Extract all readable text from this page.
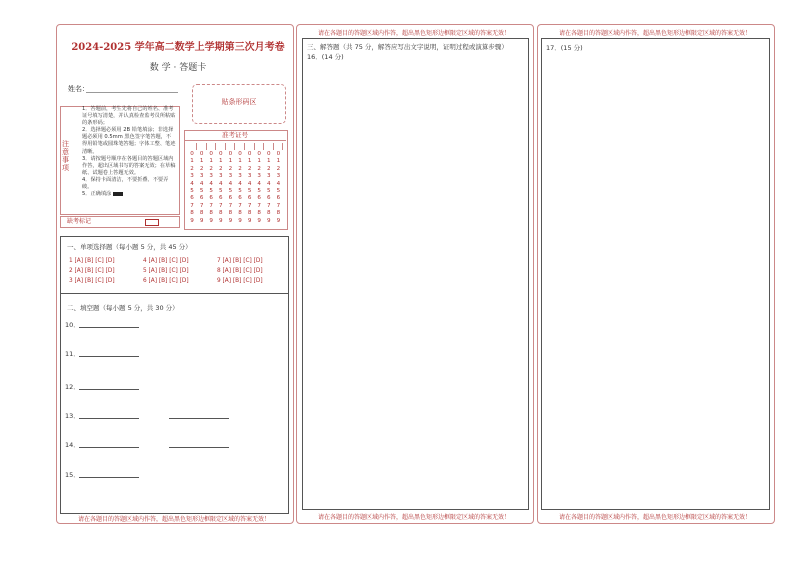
2024-2025 学年高二数学上学期第三次月考卷
数 学 · 答题卡
姓名：
贴条形码区
注
意
事
项
1．答题前，考生先将自己的姓名、准考证号填写清楚，并认真检查监考员所粘贴的条形码；
2．选择题必须用 2B 铅笔填涂；非选择题必须用 0.5mm 黑色签字笔答题，不得用铅笔或圆珠笔答题；字体工整、笔迹清晰。
3．请按题号顺序在各题目的答题区域内作答，超出区域书写的答案无效；在草稿纸、试题卷上答题无效。
4．保持卡面清洁，不要折叠、不要弄破。
5．正确填涂
准考证号
0
1
2
3
4
5
6
7
8
9
0
1
2
3
4
5
6
7
8
9
0
1
2
3
4
5
6
7
8
9
0
1
2
3
4
5
6
7
8
9
0
1
2
3
4
5
6
7
8
9
0
1
2
3
4
5
6
7
8
9
0
1
2
3
4
5
6
7
8
9
0
1
2
3
4
5
6
7
8
9
0
1
2
3
4
5
6
7
8
9
0
1
2
3
4
5
6
7
8
9
缺考标记
一、单项选择题（每小题 5 分，共 45 分）
1 [A] [B] [C] [D]
2 [A] [B] [C] [D]
3 [A] [B] [C] [D]
4 [A] [B] [C] [D]
5 [A] [B] [C] [D]
6 [A] [B] [C] [D]
7 [A] [B] [C] [D]
8 [A] [B] [C] [D]
9 [A] [B] [C] [D]
二、填空题（每小题 5 分，共 30 分）
10．
11．
12．
13．
14．
15．
请在各题目的答题区域内作答，超出黑色矩形边框限定区域的答案无效！
请在各题目的答题区域内作答，超出黑色矩形边框限定区域的答案无效！
三、解答题（共 75 分，解答应写出文字说明，证明过程或演算步骤）
16．(14 分)
请在各题目的答题区域内作答，超出黑色矩形边框限定区域的答案无效！
请在各题目的答题区域内作答，超出黑色矩形边框限定区域的答案无效！
17．(15 分)
请在各题目的答题区域内作答，超出黑色矩形边框限定区域的答案无效！
